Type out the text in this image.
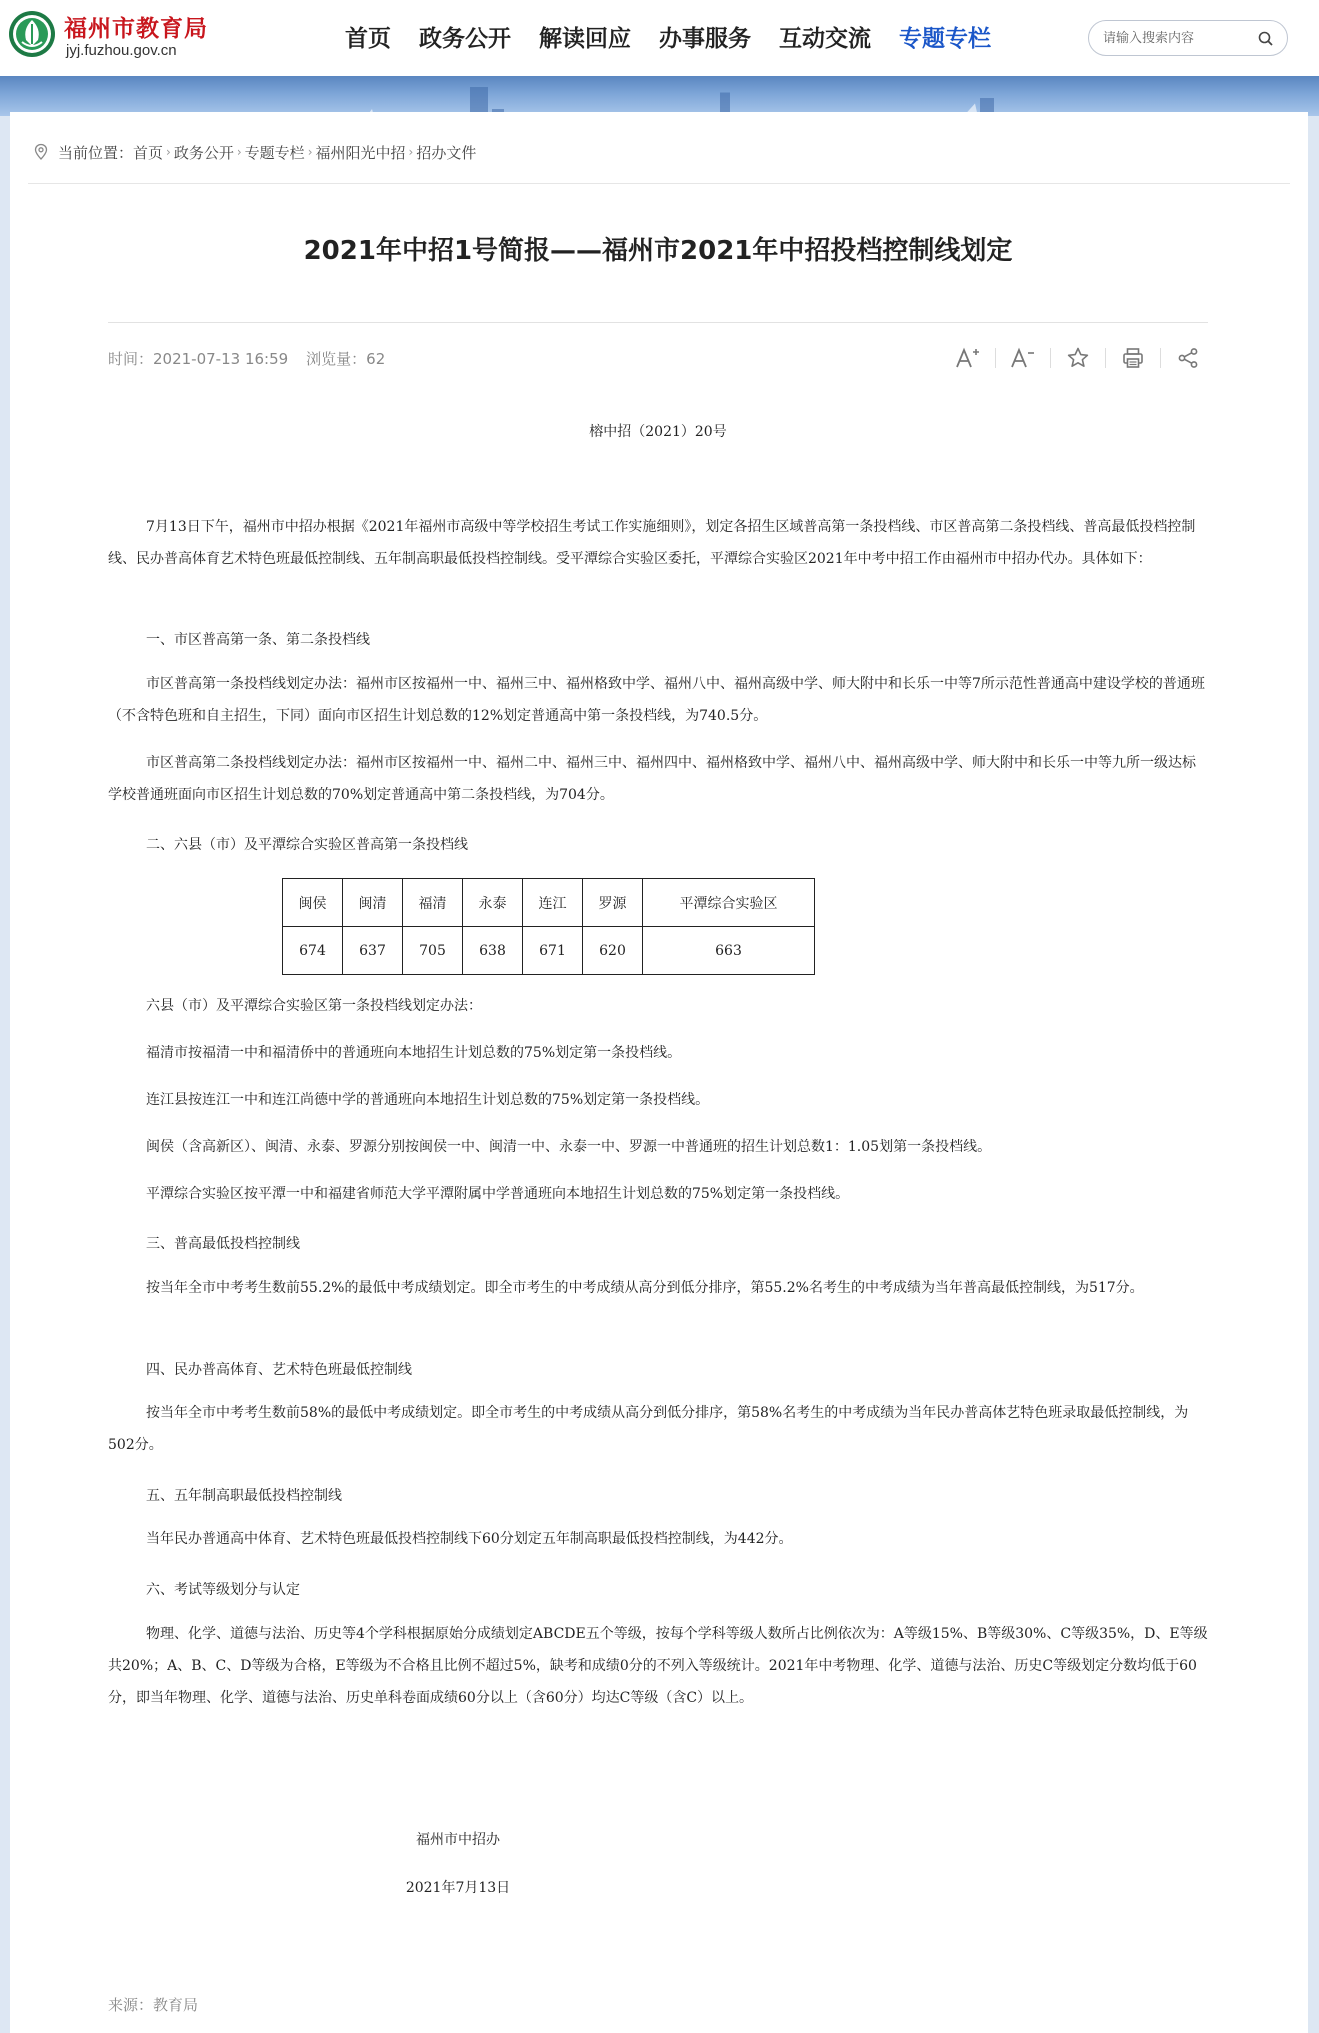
福州市教育局
jyj.fuzhou.gov.cn	首页 政务公开 解读回应 办事服务 互动交流 专题专栏
请输入搜索内容
当前位置： 首页 › 政务公开 › 专题专栏 › 福州阳光中招 › 招办文件
2021年中招1号简报——福州市2021年中招投档控制线划定
时间：2021-07-13 16:59 浏览量：62
榕中招（2021）20号
7月13日下午，福州市中招办根据《2021年福州市高级中等学校招生考试工作实施细则》，划定各招生区域普高第一条投档线、市区普高第二条投档线、普高最低投档控制线、民办普高体育艺术特色班最低控制线、五年制高职最低投档控制线。受平潭综合实验区委托，平潭综合实验区2021年中考中招工作由福州市中招办代办。具体如下：
一、市区普高第一条、第二条投档线
市区普高第一条投档线划定办法：福州市区按福州一中、福州三中、福州格致中学、福州八中、福州高级中学、师大附中和长乐一中等7所示范性普通高中建设学校的普通班（不含特色班和自主招生，下同）面向市区招生计划总数的12%划定普通高中第一条投档线，为740.5分。
市区普高第二条投档线划定办法：福州市区按福州一中、福州二中、福州三中、福州四中、福州格致中学、福州八中、福州高级中学、师大附中和长乐一中等九所一级达标学校普通班面向市区招生计划总数的70%划定普通高中第二条投档线，为704分。
二、六县（市）及平潭综合实验区普高第一条投档线
闽侯	闽清	福清	永泰	连江	罗源	平潭综合实验区
674	637	705	638	671	620	663
六县（市）及平潭综合实验区第一条投档线划定办法：
福清市按福清一中和福清侨中的普通班向本地招生计划总数的75%划定第一条投档线。
连江县按连江一中和连江尚德中学的普通班向本地招生计划总数的75%划定第一条投档线。
闽侯（含高新区）、闽清、永泰、罗源分别按闽侯一中、闽清一中、永泰一中、罗源一中普通班的招生计划总数1：1.05划第一条投档线。
平潭综合实验区按平潭一中和福建省师范大学平潭附属中学普通班向本地招生计划总数的75%划定第一条投档线。
三、普高最低投档控制线
按当年全市中考考生数前55.2%的最低中考成绩划定。即全市考生的中考成绩从高分到低分排序，第55.2%名考生的中考成绩为当年普高最低控制线，为517分。
四、民办普高体育、艺术特色班最低控制线
按当年全市中考考生数前58%的最低中考成绩划定。即全市考生的中考成绩从高分到低分排序，第58%名考生的中考成绩为当年民办普高体艺特色班录取最低控制线，为502分。
五、五年制高职最低投档控制线
当年民办普通高中体育、艺术特色班最低投档控制线下60分划定五年制高职最低投档控制线，为442分。
六、考试等级划分与认定
物理、化学、道德与法治、历史等4个学科根据原始分成绩划定ABCDE五个等级，按每个学科等级人数所占比例依次为：A等级15%、B等级30%、C等级35%，D、E等级共20%；A、B、C、D等级为合格，E等级为不合格且比例不超过5%，缺考和成绩0分的不列入等级统计。2021年中考物理、化学、道德与法治、历史C等级划定分数均低于60分，即当年物理、化学、道德与法治、历史单科卷面成绩60分以上（含60分）均达C等级（含C）以上。
福州市中招办
2021年7月13日
来源：教育局
